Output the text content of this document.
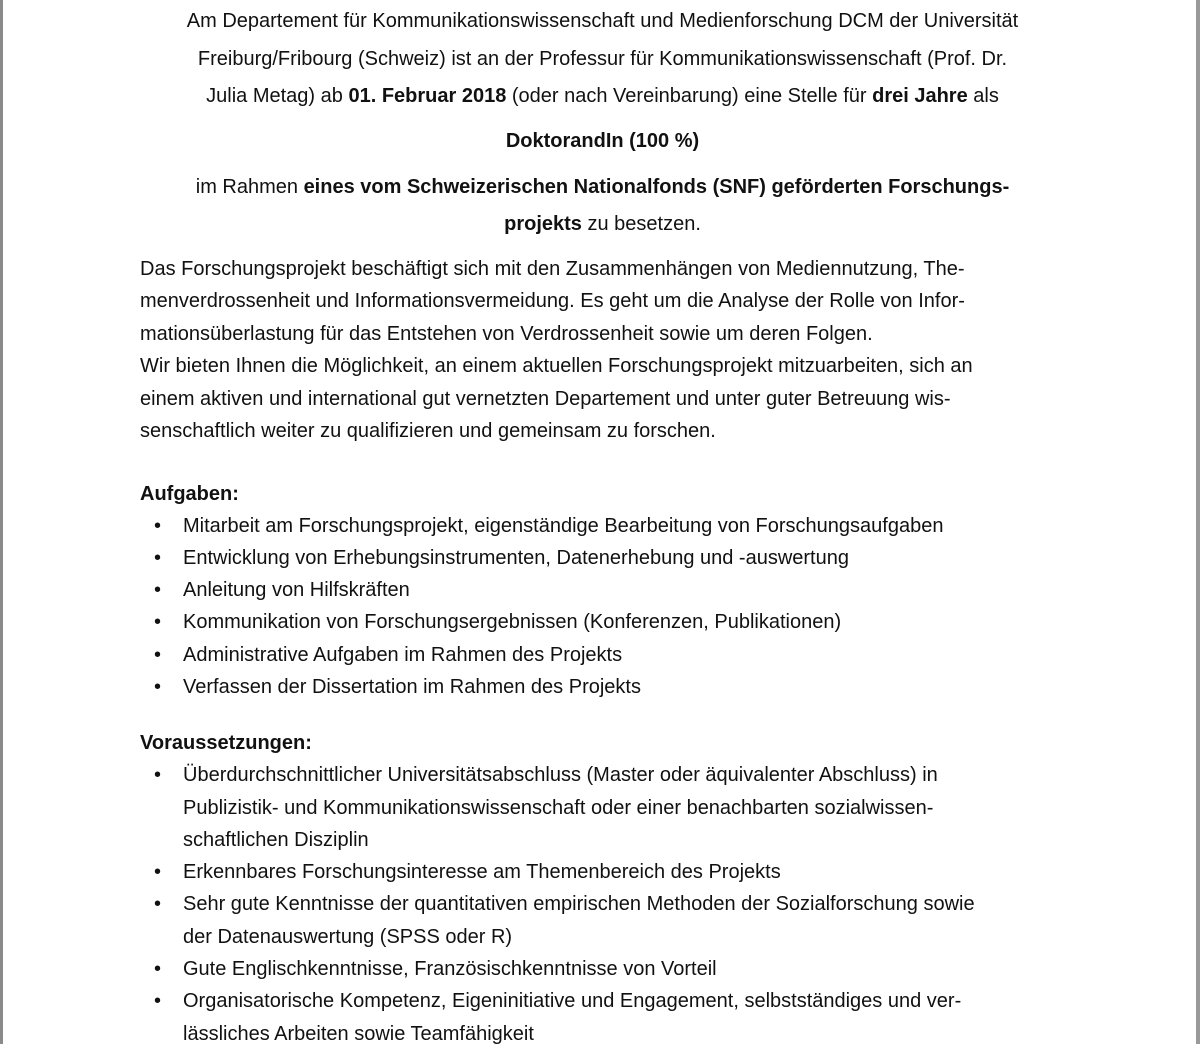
Am Departement für Kommunikationswissenschaft und Medienforschung DCM der Universität
Freiburg/Fribourg (Schweiz) ist an der Professur für Kommunikationswissenschaft (Prof. Dr.
Julia Metag) ab 01. Februar 2018 (oder nach Vereinbarung) eine Stelle für drei Jahre als

DoktorandIn (100 %)

im Rahmen eines vom Schweizerischen Nationalfonds (SNF) geförderten Forschungs-
projekts zu besetzen.

Das Forschungsprojekt beschäftigt sich mit den Zusammenhängen von Mediennutzung, The-
menverdrossenheit und Informationsvermeidung. Es geht um die Analyse der Rolle von Infor-
mationsüberlastung für das Entstehen von Verdrossenheit sowie um deren Folgen.
Wir bieten Ihnen die Möglichkeit, an einem aktuellen Forschungsprojekt mitzuarbeiten, sich an
einem aktiven und international gut vernetzten Departement und unter guter Betreuung wis-
senschaftlich weiter zu qualifizieren und gemeinsam zu forschen.

Aufgaben:

• Mitarbeit am Forschungsprojekt, eigenständige Bearbeitung von Forschungsaufgaben
• Entwicklung von Erhebungsinstrumenten, Datenerhebung und -auswertung
• Anleitung von Hilfskräften
• Kommunikation von Forschungsergebnissen (Konferenzen, Publikationen)
• Administrative Aufgaben im Rahmen des Projekts
• Verfassen der Dissertation im Rahmen des Projekts

Voraussetzungen:

• Überdurchschnittlicher Universitätsabschluss (Master oder äquivalenter Abschluss) in
Publizistik- und Kommunikationswissenschaft oder einer benachbarten sozialwissen-
schaftlichen Disziplin
• Erkennbares Forschungsinteresse am Themenbereich des Projekts
• Sehr gute Kenntnisse der quantitativen empirischen Methoden der Sozialforschung sowie
der Datenauswertung (SPSS oder R)
• Gute Englischkenntnisse, Französischkenntnisse von Vorteil
• Organisatorische Kompetenz, Eigeninitiative und Engagement, selbstständiges und ver-
lässliches Arbeiten sowie Teamfähigkeit
